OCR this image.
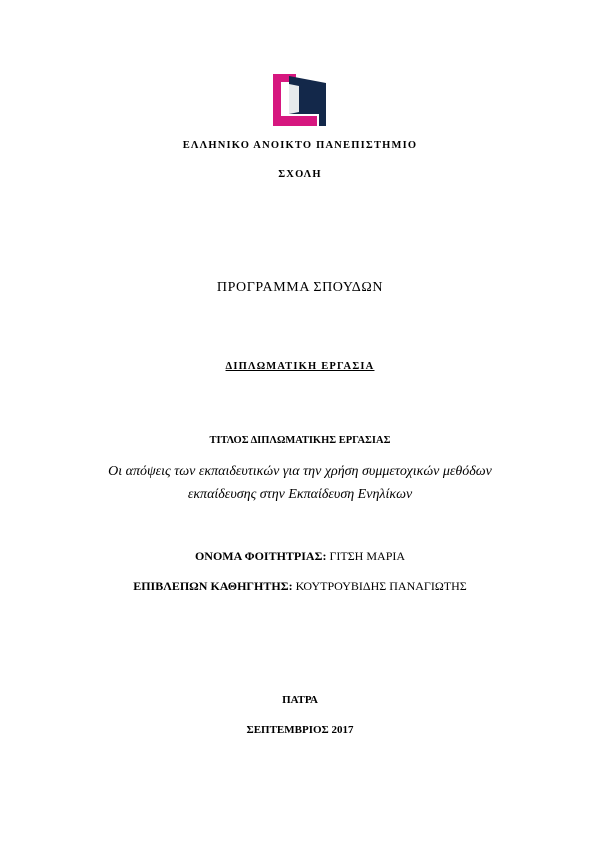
ΕΛΛΗΝΙΚΟ ΑΝΟΙΚΤΟ ΠΑΝΕΠΙΣΤΗΜΙΟ
ΣΧΟΛΗ
ΠΡΟΓΡΑΜΜΑ ΣΠΟΥΔΩΝ
ΔΙΠΛΩΜΑΤΙΚΗ ΕΡΓΑΣΙΑ
ΤΙΤΛΟΣ ΔΙΠΛΩΜΑΤΙΚΗΣ ΕΡΓΑΣΙΑΣ
Οι απόψεις των εκπαιδευτικών για την χρήση συμμετοχικών μεθόδων
εκπαίδευσης στην Εκπαίδευση Ενηλίκων
ΟΝΟΜΑ ΦΟΙΤΗΤΡΙΑΣ: ΓΙΤΣΗ ΜΑΡΙΑ
ΕΠΙΒΛΕΠΩΝ ΚΑΘΗΓΗΤΗΣ: ΚΟΥΤΡΟΥΒΙΔΗΣ ΠΑΝΑΓΙΩΤΗΣ
ΠΑΤΡΑ
ΣΕΠΤΕΜΒΡΙΟΣ 2017
